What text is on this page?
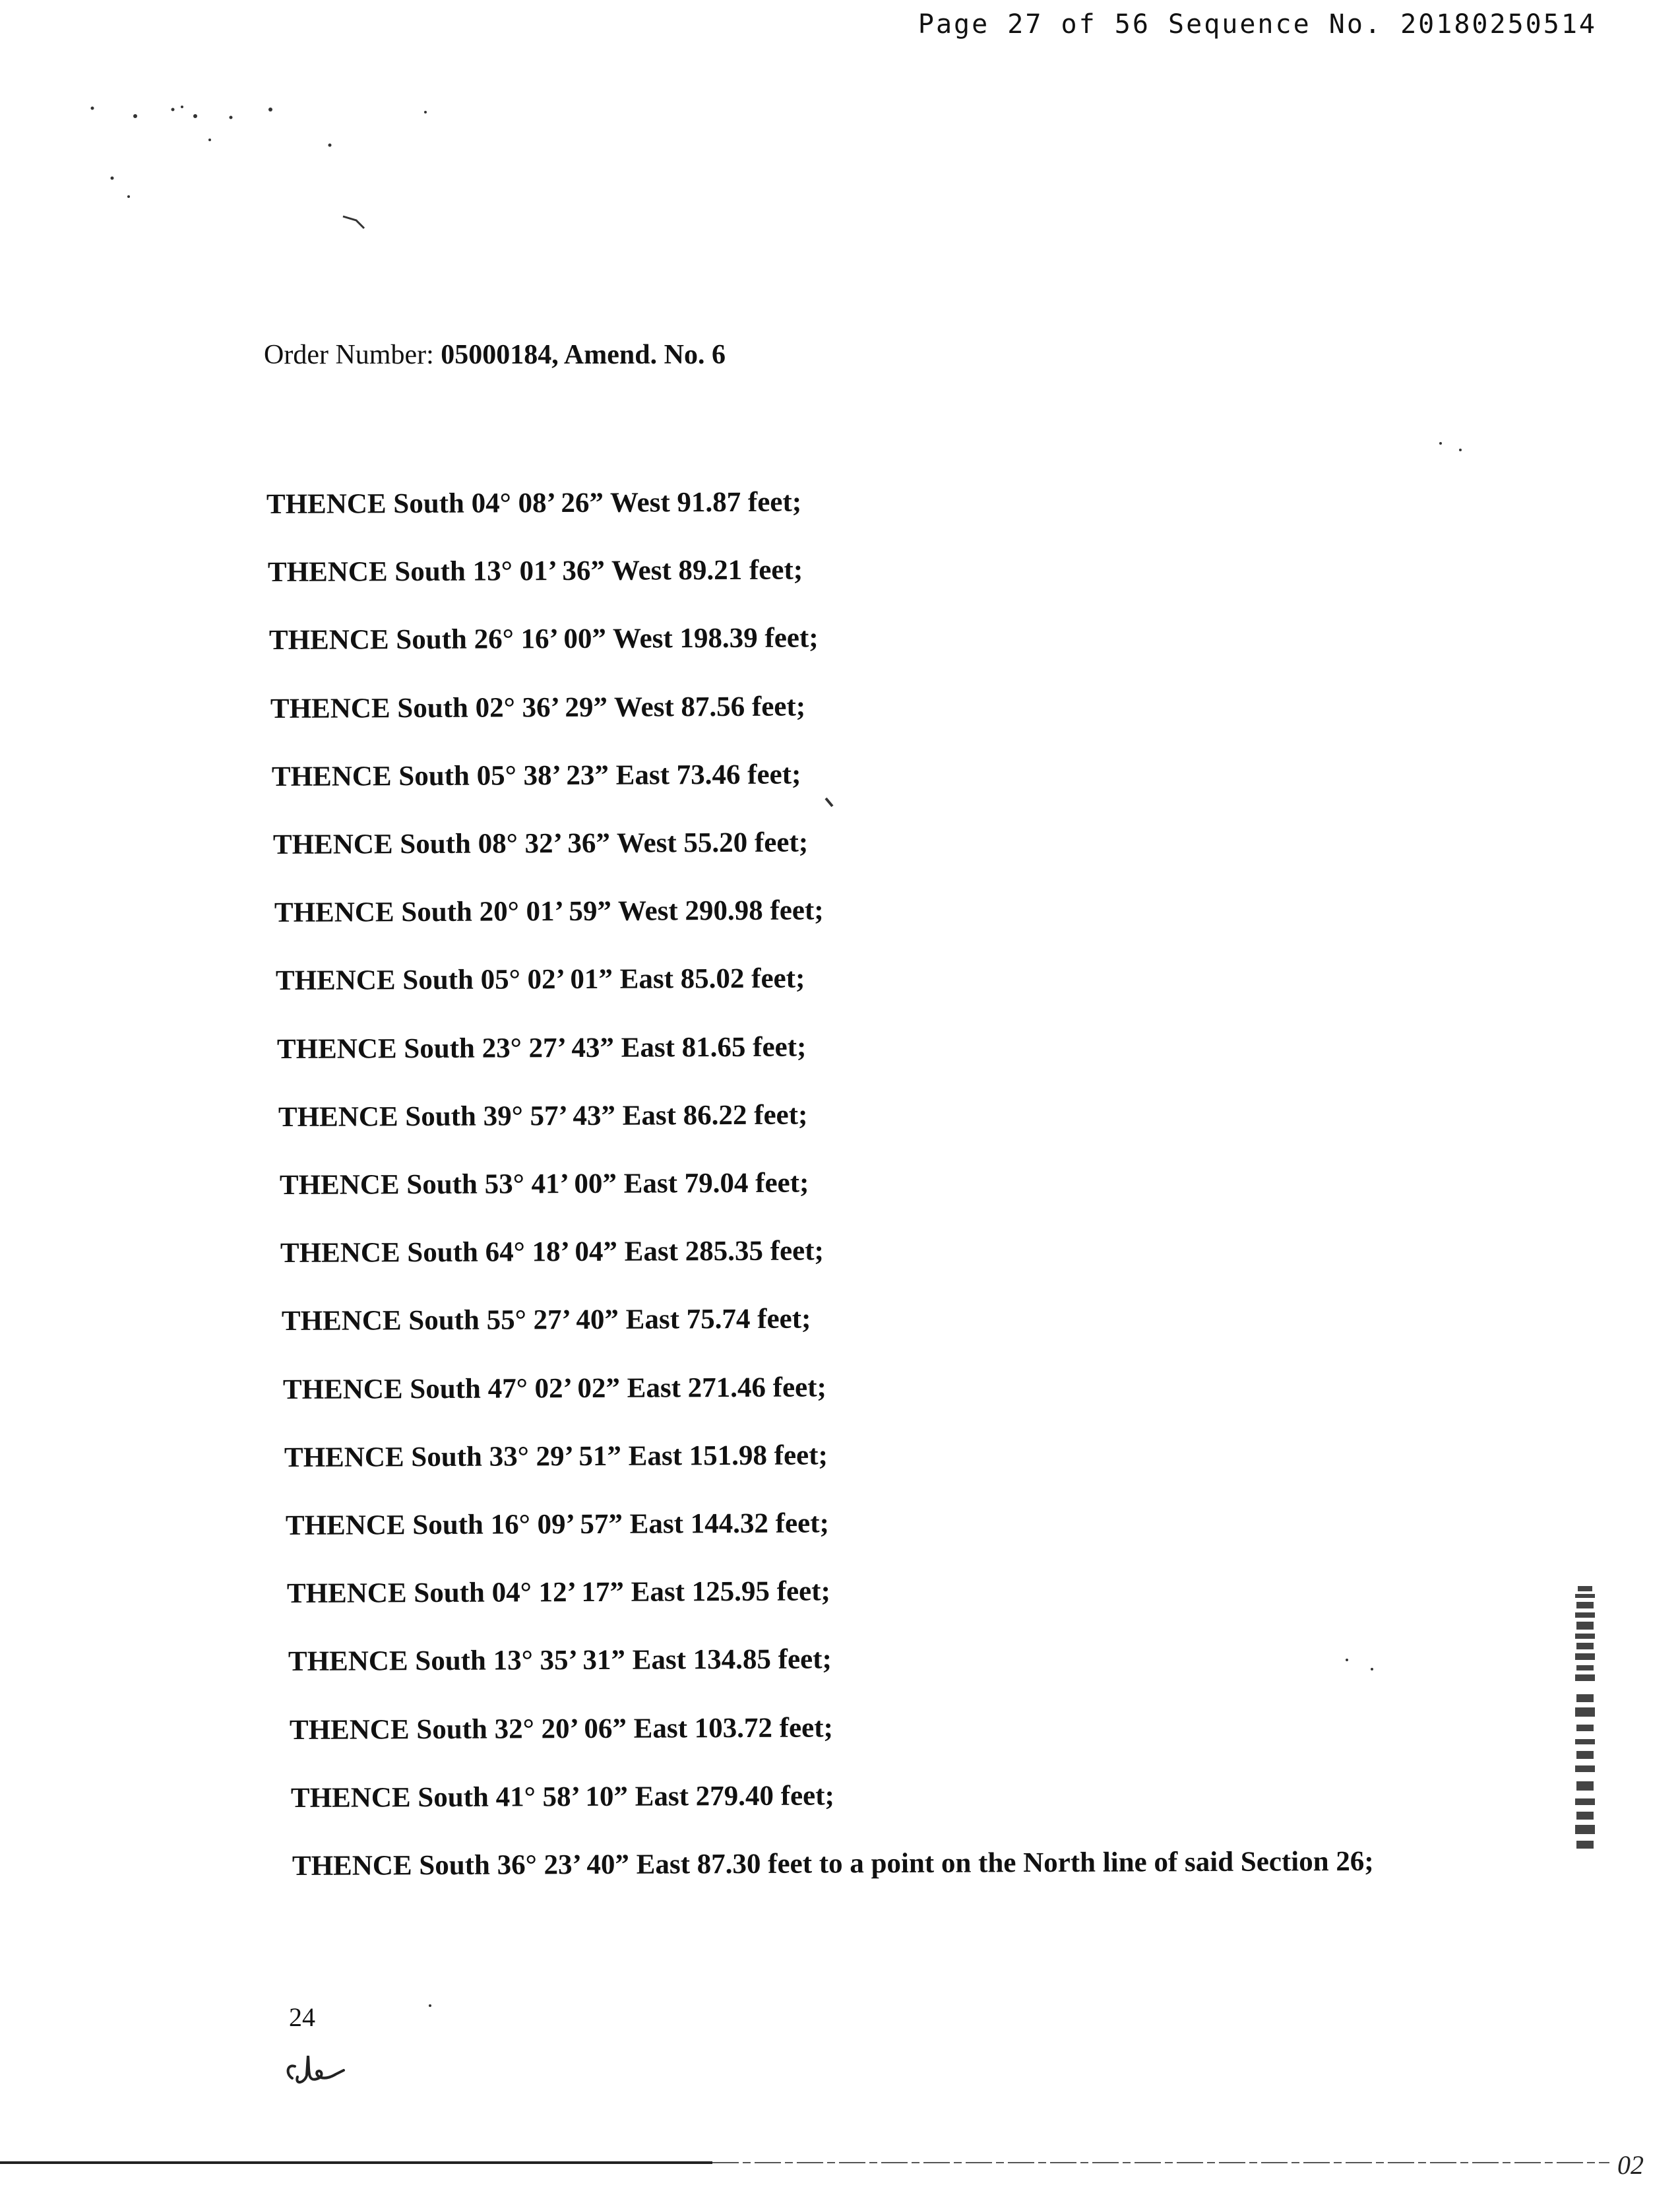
Page 27 of 56 Sequence No. 20180250514
Order Number: 05000184, Amend. No. 6
THENCE South 04° 08’ 26” West 91.87 feet;
THENCE South 13° 01’ 36” West 89.21 feet;
THENCE South 26° 16’ 00” West 198.39 feet;
THENCE South 02° 36’ 29” West 87.56 feet;
THENCE South 05° 38’ 23” East 73.46 feet;
THENCE South 08° 32’ 36” West 55.20 feet;
THENCE South 20° 01’ 59” West 290.98 feet;
THENCE South 05° 02’ 01” East 85.02 feet;
THENCE South 23° 27’ 43” East 81.65 feet;
THENCE South 39° 57’ 43” East 86.22 feet;
THENCE South 53° 41’ 00” East 79.04 feet;
THENCE South 64° 18’ 04” East 285.35 feet;
THENCE South 55° 27’ 40” East 75.74 feet;
THENCE South 47° 02’ 02” East 271.46 feet;
THENCE South 33° 29’ 51” East 151.98 feet;
THENCE South 16° 09’ 57” East 144.32 feet;
THENCE South 04° 12’ 17” East 125.95 feet;
THENCE South 13° 35’ 31” East 134.85 feet;
THENCE South 32° 20’ 06” East 103.72 feet;
THENCE South 41° 58’ 10” East 279.40 feet;
THENCE South 36° 23’ 40” East 87.30 feet to a point on the North line of said Section 26;
24
02
